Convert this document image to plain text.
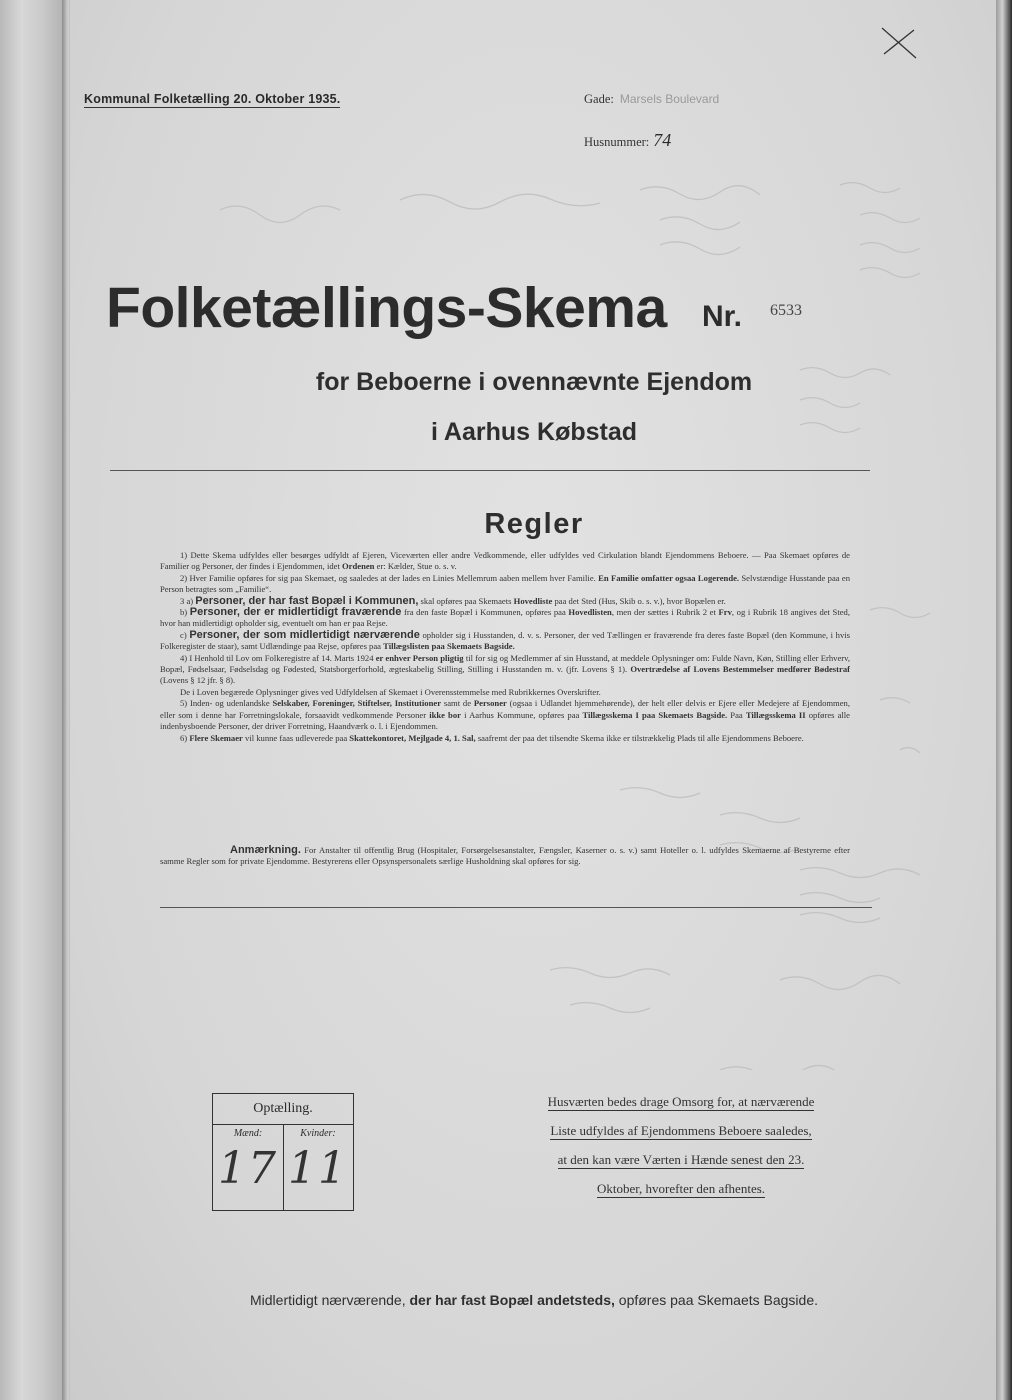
Kommunal Folketælling 20. Oktober 1935.	Gade: Marsels Boulevard
Husnummer: 74
Folketællings-Skema Nr. 6533
for Beboerne i ovennævnte Ejendom
i Aarhus Købstad
Regler

1) Dette Skema udfyldes eller besørges udfyldt af Ejeren, Viceværten eller andre Vedkommende, eller udfyldes ved Cirkulation blandt Ejendommens Beboere. — Paa Skemaet opføres de Familier og Personer, der findes i Ejendommen, idet Ordenen er: Kælder, Stue o. s. v.

2) Hver Familie opføres for sig paa Skemaet, og saaledes at der lades en Linies Mellemrum aaben mellem hver Familie. En Familie omfatter ogsaa Logerende. Selvstændige Husstande paa en Person betragtes som „Familie“.

3 a) Personer, der har fast Bopæl i Kommunen, skal opføres paa Skemaets Hovedliste paa det Sted (Hus, Skib o. s. v.), hvor Bopælen er.

b) Personer, der er midlertidigt fraværende fra den faste Bopæl i Kommunen, opføres paa Hovedlisten, men der sættes i Rubrik 2 et Frv, og i Rubrik 18 angives det Sted, hvor han midlertidigt opholder sig, eventuelt om han er paa Rejse.

c) Personer, der som midlertidigt nærværende opholder sig i Husstanden, d. v. s. Personer, der ved Tællingen er fraværende fra deres faste Bopæl (den Kommune, i hvis Folkeregister de staar), samt Udlændinge paa Rejse, opføres paa Tillægslisten paa Skemaets Bagside.

4) I Henhold til Lov om Folkeregistre af 14. Marts 1924 er enhver Person pligtig til for sig og Medlemmer af sin Husstand, at meddele Oplysninger om: Fulde Navn, Køn, Stilling eller Erhverv, Bopæl, Fødselsaar, Fødselsdag og Fødested, Statsborgerforhold, ægteskabelig Stilling, Stilling i Husstanden m. v. (jfr. Lovens § 1). Overtrædelse af Lovens Bestemmelser medfører Bødestraf (Lovens § 12 jfr. § 8).

De i Loven begærede Oplysninger gives ved Udfyldelsen af Skemaet i Overensstemmelse med Rubrikkernes Overskrifter.

5) Inden- og udenlandske Selskaber, Foreninger, Stiftelser, Institutioner samt de Personer (ogsaa i Udlandet hjemmehørende), der helt eller delvis er Ejere eller Medejere af Ejendommen, eller som i denne har Forretningslokale, forsaavidt vedkommende Personer ikke bor i Aarhus Kommune, opføres paa Tillægsskema I paa Skemaets Bagside. Paa Tillægsskema II opføres alle indenbysboende Personer, der driver Forretning, Haandværk o. l. i Ejendommen.

6) Flere Skemaer vil kunne faas udleverede paa Skattekontoret, Mejlgade 4, 1. Sal, saafremt der paa det tilsendte Skema ikke er tilstrækkelig Plads til alle Ejendommens Beboere.

Anmærkning. For Anstalter til offentlig Brug (Hospitaler, Forsørgelsesanstalter, Fængsler, Kaserner o. s. v.) samt Hoteller o. l. udfyldes Skemaerne af Bestyrerne efter samme Regler som for private Ejendomme. Bestyrerens eller Opsynspersonalets særlige Husholdning skal opføres for sig.

Optælling.
Mænd:
17
Kvinder:
11
Husværten bedes drage Omsorg for, at nærværende
Liste udfyldes af Ejendommens Beboere saaledes,
at den kan være Værten i Hænde senest den 23.
Oktober, hvorefter den afhentes.
Midlertidigt nærværende, der har fast Bopæl andetsteds, opføres paa Skemaets Bagside.
